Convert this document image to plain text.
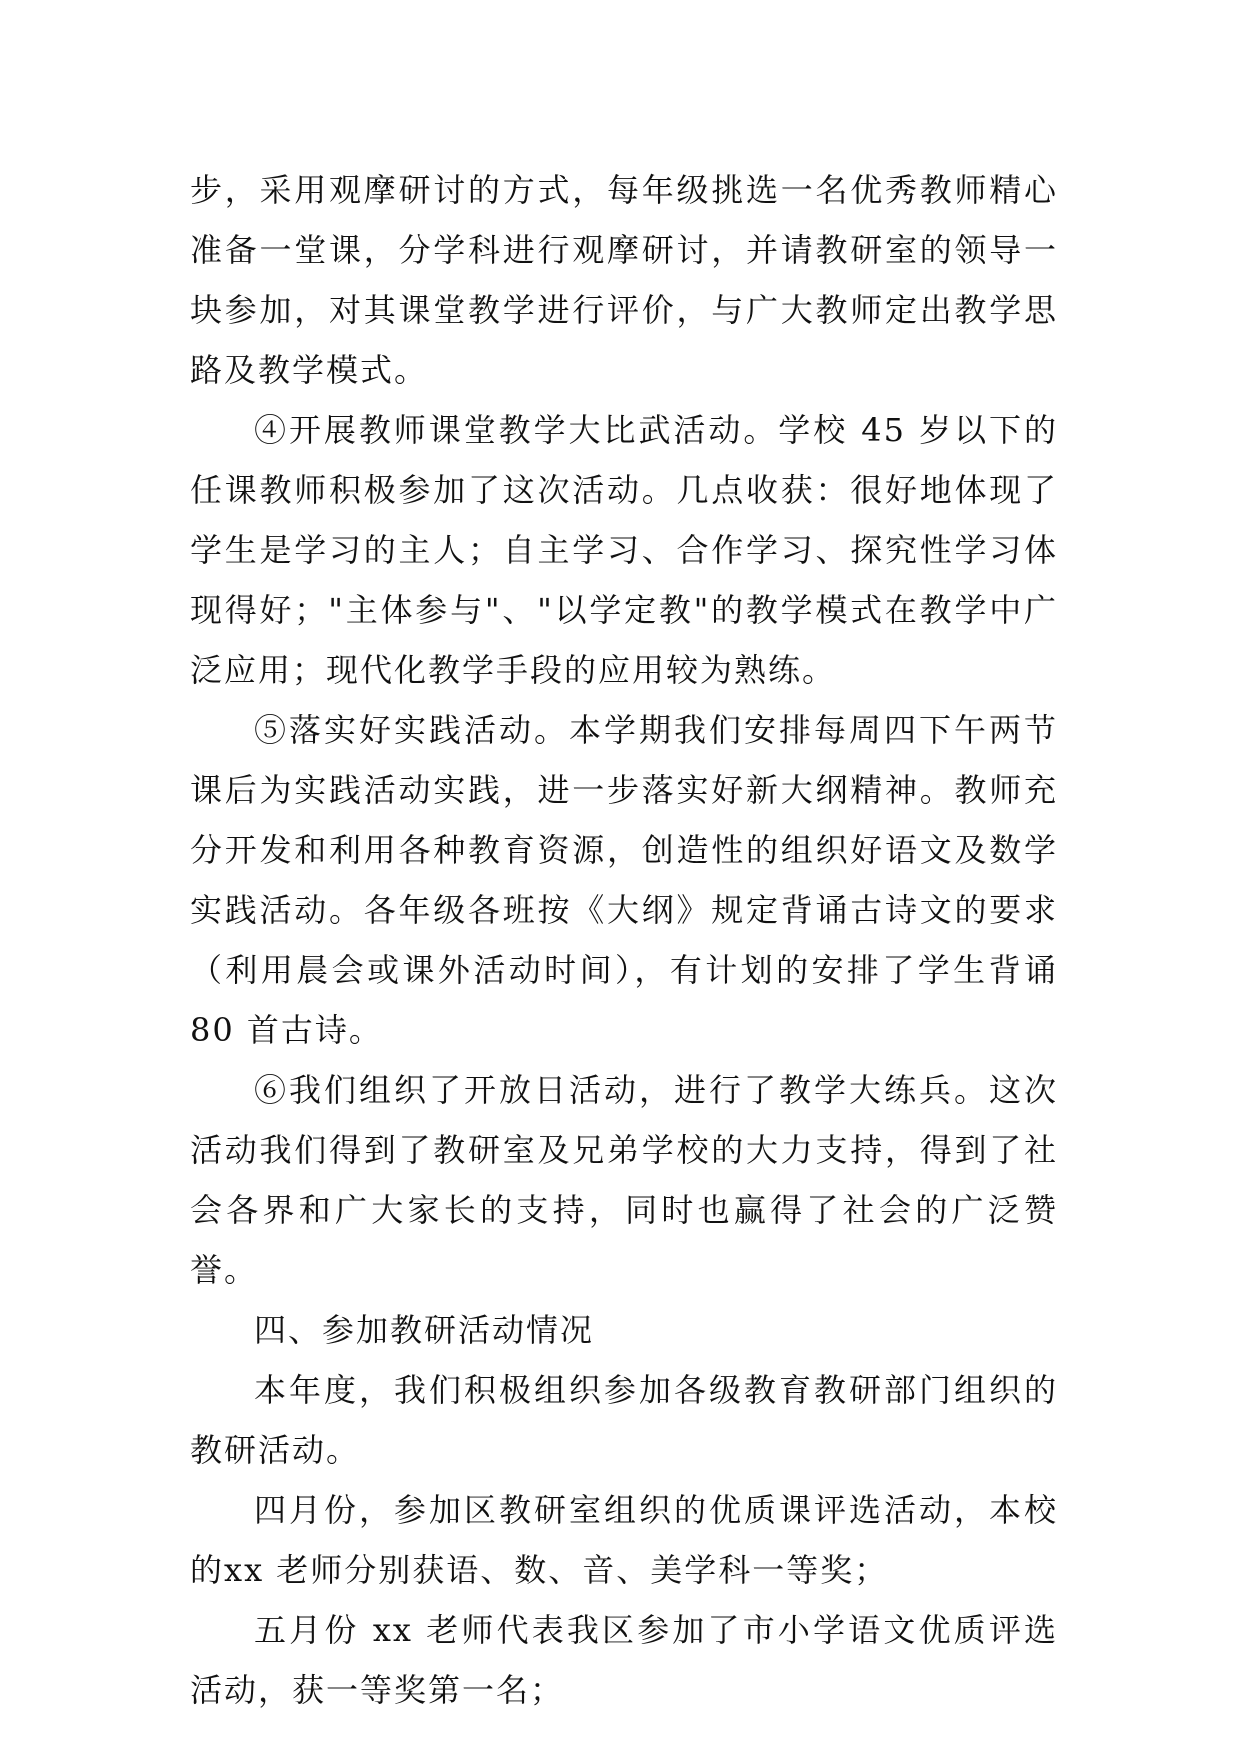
步，采用观摩研讨的方式，每年级挑选一名优秀教师精心准备一堂课，分学科进行观摩研讨，并请教研室的领导一块参加，对其课堂教学进行评价，与广大教师定出教学思路及教学模式。

④开展教师课堂教学大比武活动。学校 45 岁以下的任课教师积极参加了这次活动。几点收获：很好地体现了学生是学习的主人；自主学习、合作学习、探究性学习体现得好；"主体参与"、"以学定教"的教学模式在教学中广泛应用；现代化教学手段的应用较为熟练。

⑤落实好实践活动。本学期我们安排每周四下午两节课后为实践活动实践，进一步落实好新大纲精神。教师充分开发和利用各种教育资源，创造性的组织好语文及数学实践活动。各年级各班按《大纲》规定背诵古诗文的要求（利用晨会或课外活动时间），有计划的安排了学生背诵 80 首古诗。

⑥我们组织了开放日活动，进行了教学大练兵。这次活动我们得到了教研室及兄弟学校的大力支持，得到了社会各界和广大家长的支持，同时也赢得了社会的广泛赞誉。

四、参加教研活动情况

本年度，我们积极组织参加各级教育教研部门组织的教研活动。

四月份，参加区教研室组织的优质课评选活动，本校的xx 老师分别获语、数、音、美学科一等奖；

五月份 xx 老师代表我区参加了市小学语文优质评选活动，获一等奖第一名；
